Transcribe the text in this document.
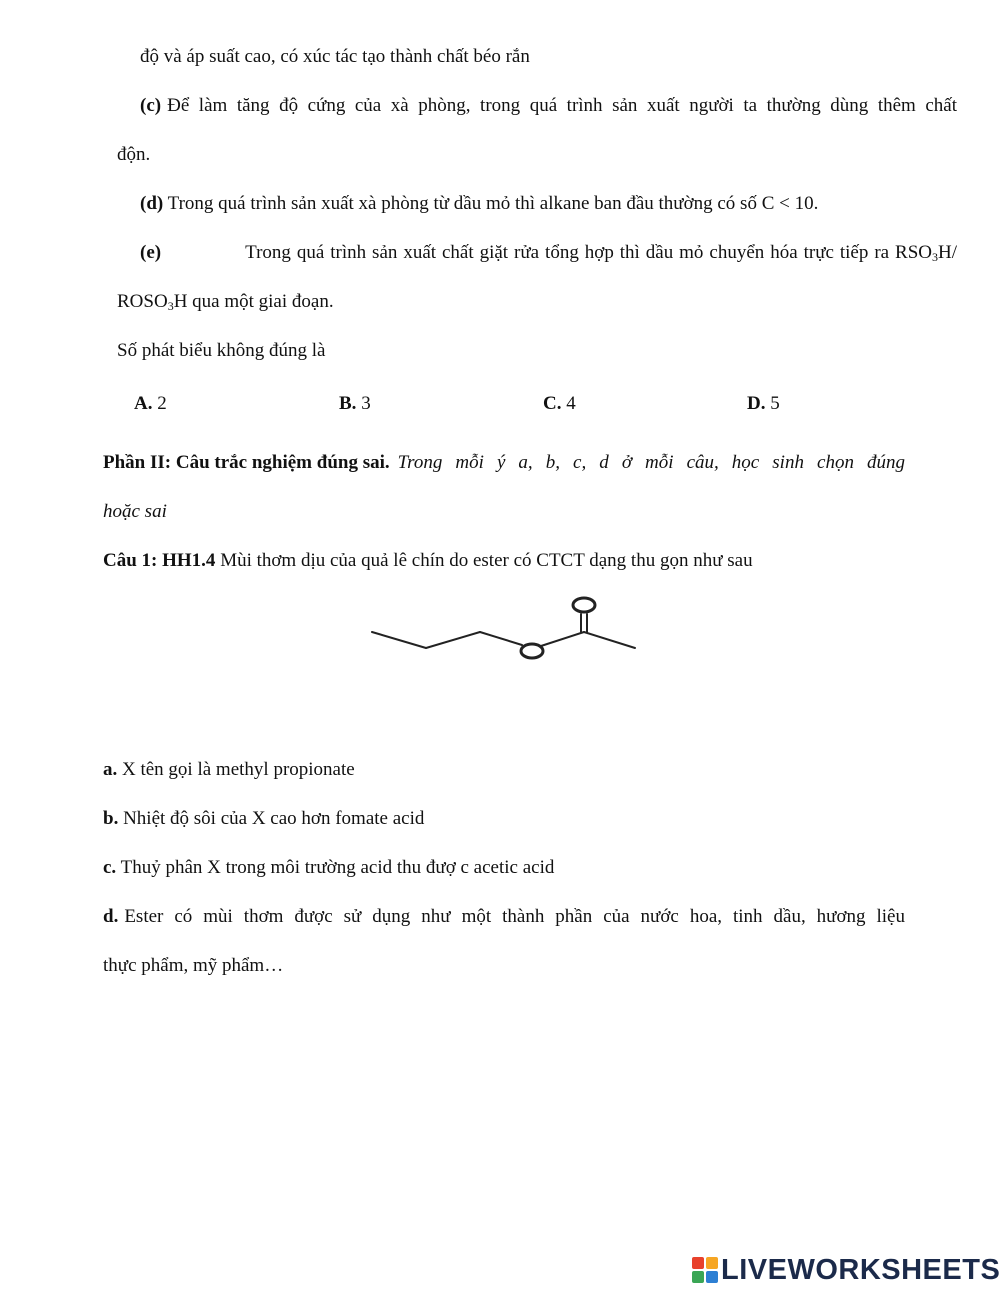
độ và áp suất cao, có xúc tác tạo thành chất béo rắn
(c) Để làm tăng độ cứng của xà phòng, trong quá trình sản xuất người ta thường dùng thêm chất
độn.
(d) Trong quá trình sản xuất xà phòng từ dầu mỏ thì alkane ban đầu thường có số C < 10.
(e)	Trong quá trình sản xuất chất giặt rửa tổng hợp thì dầu mỏ chuyển hóa trực tiếp ra $RSO_3H/$
$ROSO_3H$ qua một giai đoạn.
Số phát biểu không đúng là
A. 2	B. 3	C. 4	D. 5
Phần II: Câu trắc nghiệm đúng sai. Trong mỗi ý a, b, c, d ở mỗi câu, học sinh chọn đúng
hoặc sai
Câu 1: HH1.4 Mùi thơm dịu của quả lê chín do ester có CTCT dạng thu gọn như sau
a. X tên gọi là methyl propionate
b. Nhiệt độ sôi của X cao hơn fomate acid
c. Thuỷ phân X trong môi trường acid thu đượ c acetic acid
d. Ester có mùi thơm được sử dụng như một thành phần của nước hoa, tinh dầu, hương liệu
thực phẩm, mỹ phẩm…
LIVEWORKSHEETS
